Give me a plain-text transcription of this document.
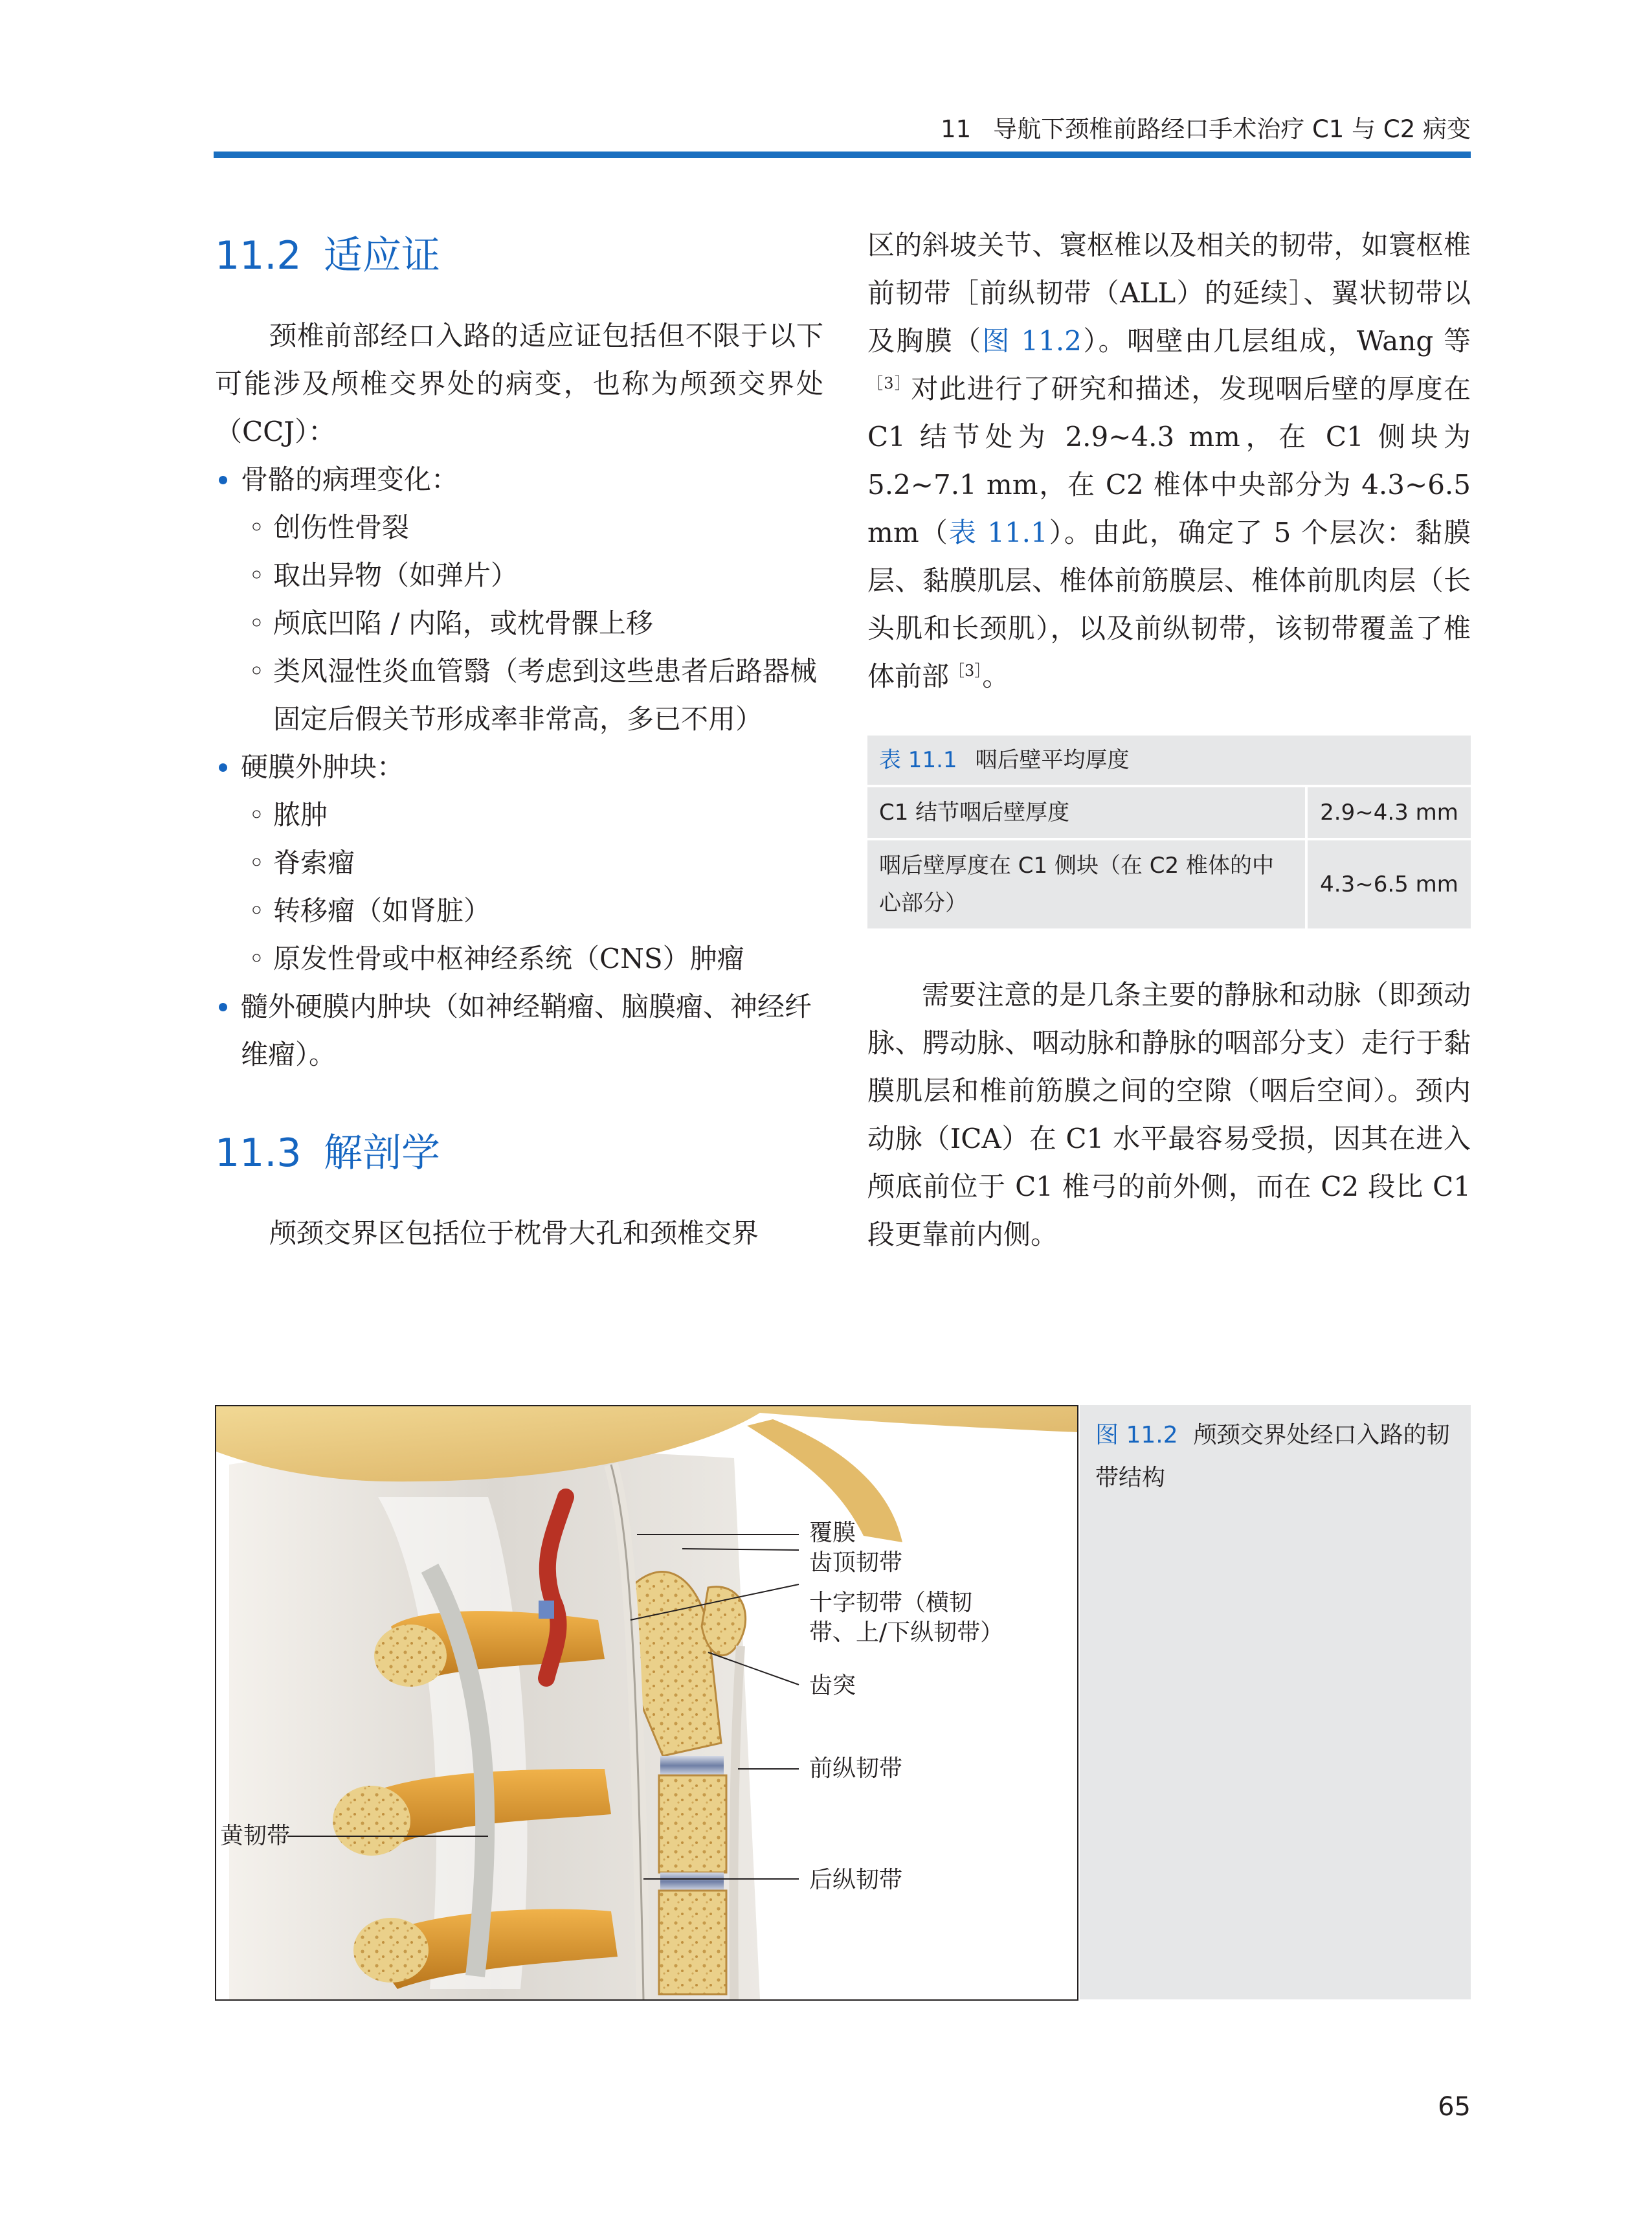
11 导航下颈椎前路经口手术治疗 C1 与 C2 病变
11.2 适应证

颈椎前部经口入路的适应证包括但不限于以下可能涉及颅椎交界处的病变，也称为颅颈交界处（CCJ）：

骨骼的病理变化：
◦ 创伤性骨裂
◦ 取出异物（如弹片）
◦ 颅底凹陷 / 内陷，或枕骨髁上移
◦ 类风湿性炎血管翳（考虑到这些患者后路器械固定后假关节形成率非常高，多已不用）
硬膜外肿块：
◦ 脓肿
◦ 脊索瘤
◦ 转移瘤（如肾脏）
◦ 原发性骨或中枢神经系统（CNS）肿瘤
髓外硬膜内肿块（如神经鞘瘤、脑膜瘤、神经纤维瘤）。
11.3 解剖学

颅颈交界区包括位于枕骨大孔和颈椎交界

区的斜坡关节、寰枢椎以及相关的韧带，如寰枢椎前韧带［前纵韧带（ALL）的延续］、翼状韧带以及胸膜（图 11.2）。咽壁由几层组成，Wang 等$^{[3]}$对此进行了研究和描述，发现咽后壁的厚度在 C1 结节处为 2.9~4.3 mm，在 C1 侧块为 5.2~7.1 mm，在 C2 椎体中央部分为 4.3~6.5 mm（表 11.1）。由此，确定了 5 个层次：黏膜层、黏膜肌层、椎体前筋膜层、椎体前肌肉层（长头肌和长颈肌），以及前纵韧带，该韧带覆盖了椎体前部$^{[3]}$。

表 11.1 咽后壁平均厚度
C1 结节咽后壁厚度	2.9~4.3 mm
咽后壁厚度在 C1 侧块（在 C2 椎体的中心部分）
4.3~6.5 mm

需要注意的是几条主要的静脉和动脉（即颈动脉、腭动脉、咽动脉和静脉的咽部分支）走行于黏膜肌层和椎前筋膜之间的空隙（咽后空间）。颈内动脉（ICA）在 C1 水平最容易受损，因其在进入颅底前位于 C1 椎弓的前外侧，而在 C2 段比 C1 段更靠前内侧。

覆膜
齿顶韧带
十字韧带（横韧
带、上/下纵韧带）
齿突
前纵韧带
后纵韧带
黄韧带
图 11.2 颅颈交界处经口入路的韧带结构
65
